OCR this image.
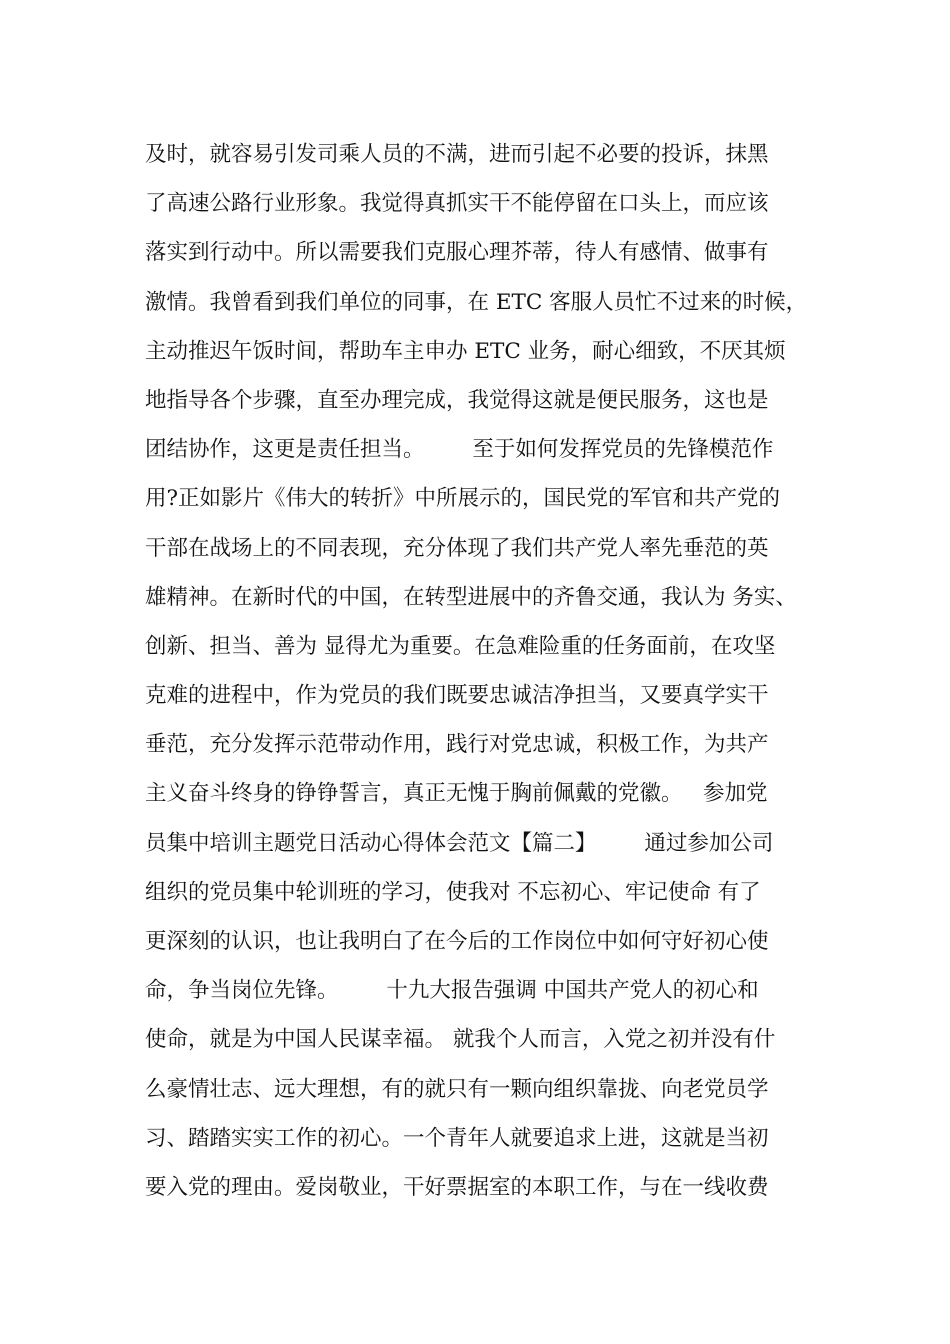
及时，就容易引发司乘人员的不满，进而引起不必要的投诉，抹黑
了高速公路行业形象。我觉得真抓实干不能停留在口头上，而应该
落实到行动中。所以需要我们克服心理芥蒂，待人有感情、做事有
激情。我曾看到我们单位的同事，在 ETC 客服人员忙不过来的时候，
主动推迟午饭时间，帮助车主申办 ETC 业务，耐心细致，不厌其烦
地指导各个步骤，直至办理完成，我觉得这就是便民服务，这也是
团结协作，这更是责任担当。       至于如何发挥党员的先锋模范作
用?正如影片《伟大的转折》中所展示的，国民党的军官和共产党的
干部在战场上的不同表现，充分体现了我们共产党人率先垂范的英
雄精神。在新时代的中国，在转型进展中的齐鲁交通，我认为 务实、
创新、担当、善为 显得尤为重要。在急难险重的任务面前，在攻坚
克难的进程中，作为党员的我们既要忠诚洁净担当，又要真学实干
垂范，充分发挥示范带动作用，践行对党忠诚，积极工作，为共产
主义奋斗终身的铮铮誓言，真正无愧于胸前佩戴的党徽。   参加党
员集中培训主题党日活动心得体会范文【篇二】       通过参加公司
组织的党员集中轮训班的学习，使我对 不忘初心、牢记使命 有了
更深刻的认识，也让我明白了在今后的工作岗位中如何守好初心使
命，争当岗位先锋。       十九大报告强调 中国共产党人的初心和
使命，就是为中国人民谋幸福。 就我个人而言，入党之初并没有什
么豪情壮志、远大理想，有的就只有一颗向组织靠拢、向老党员学
习、踏踏实实工作的初心。一个青年人就要追求上进，这就是当初
要入党的理由。爱岗敬业，干好票据室的本职工作，与在一线收费
